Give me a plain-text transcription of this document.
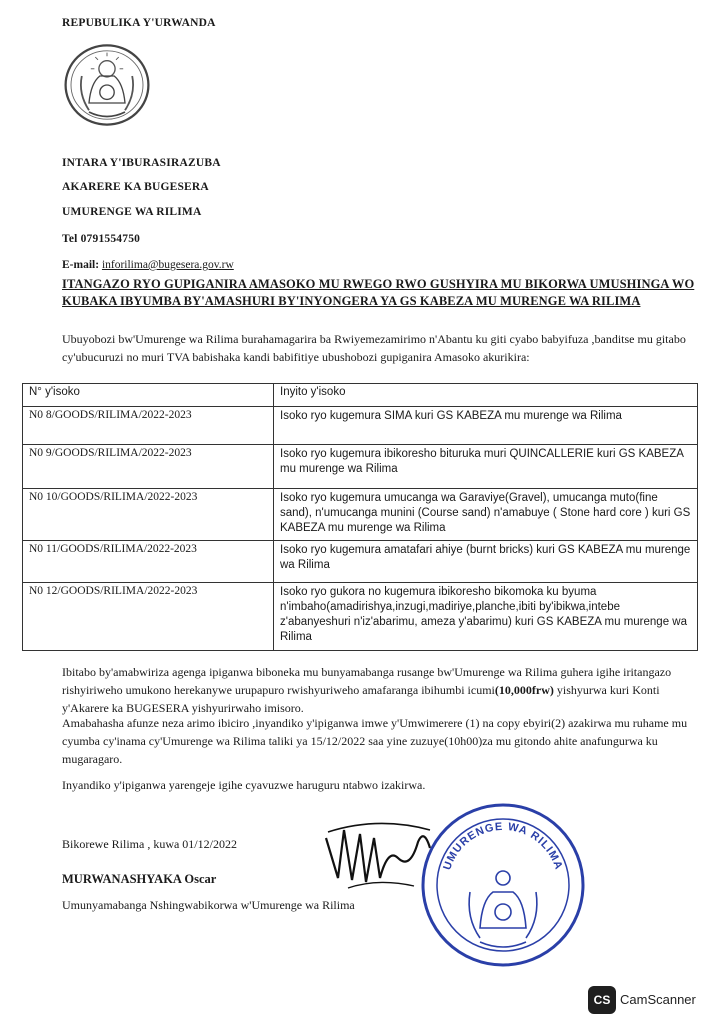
REPUBULIKA Y'URWANDA
INTARA Y'IBURASIRAZUBA
AKARERE KA BUGESERA
UMURENGE WA RILIMA
Tel 0791554750
E-mail: inforilima@bugesera.gov.rw
ITANGAZO RYO GUPIGANIRA AMASOKO MU RWEGO RWO GUSHYIRA MU BIKORWA UMUSHINGA WO KUBAKA IBYUMBA BY'AMASHURI BY'INYONGERA YA GS KABEZA MU MURENGE WA RILIMA
Ubuyobozi bw'Umurenge wa Rilima burahamagarira ba Rwiyemezamirimo n'Abantu ku giti cyabo babyifuza ,banditse mu gitabo cy'ubucuruzi no muri TVA babishaka kandi babifitiye ubushobozi gupiganira Amasoko akurikira:
N° y'isoko	Inyito y'isoko
N0 8/GOODS/RILIMA/2022-2023	Isoko ryo kugemura SIMA kuri GS KABEZA mu murenge wa Rilima
N0 9/GOODS/RILIMA/2022-2023	Isoko ryo kugemura ibikoresho bituruka muri QUINCALLERIE kuri GS KABEZA mu murenge wa Rilima
N0 10/GOODS/RILIMA/2022-2023	Isoko ryo kugemura umucanga wa Garaviye(Gravel), umucanga muto(fine sand), n'umucanga munini (Course sand) n'amabuye ( Stone hard core ) kuri GS KABEZA mu murenge wa Rilima
N0 11/GOODS/RILIMA/2022-2023	Isoko ryo kugemura amatafari ahiye (burnt bricks) kuri GS KABEZA mu murenge wa Rilima
N0 12/GOODS/RILIMA/2022-2023	Isoko ryo gukora no kugemura ibikoresho bikomoka ku byuma n'imbaho(amadirishya,inzugi,madiriye,planche,ibiti by'ibikwa,intebe z'abanyeshuri n'iz'abarimu, ameza y'abarimu) kuri GS KABEZA mu murenge wa Rilima
Ibitabo by'amabwiriza agenga ipiganwa biboneka mu bunyamabanga rusange bw'Umurenge wa Rilima guhera igihe iritangazo rishyiriweho umukono herekanywe urupapuro rwishyuriweho amafaranga ibihumbi icumi(10,000frw) yishyurwa kuri Konti y'Akarere ka BUGESERA yishyurirwaho imisoro.
Amabahasha afunze neza arimo ibiciro ,inyandiko y'ipiganwa imwe y'Umwimerere (1) na copy ebyiri(2) azakirwa mu ruhame mu cyumba cy'inama cy'Umurenge wa Rilima taliki ya 15/12/2022 saa yine zuzuye(10h00)za mu gitondo ahite anafungurwa ku mugaragaro.
Inyandiko y'ipiganwa yarengeje igihe cyavuzwe haruguru ntabwo izakirwa.
Bikorewe Rilima , kuwa 01/12/2022
MURWANASHYAKA Oscar
Umunyamabanga Nshingwabikorwa w'Umurenge wa Rilima
UMURENGE WA RILIMA
CS CamScanner
